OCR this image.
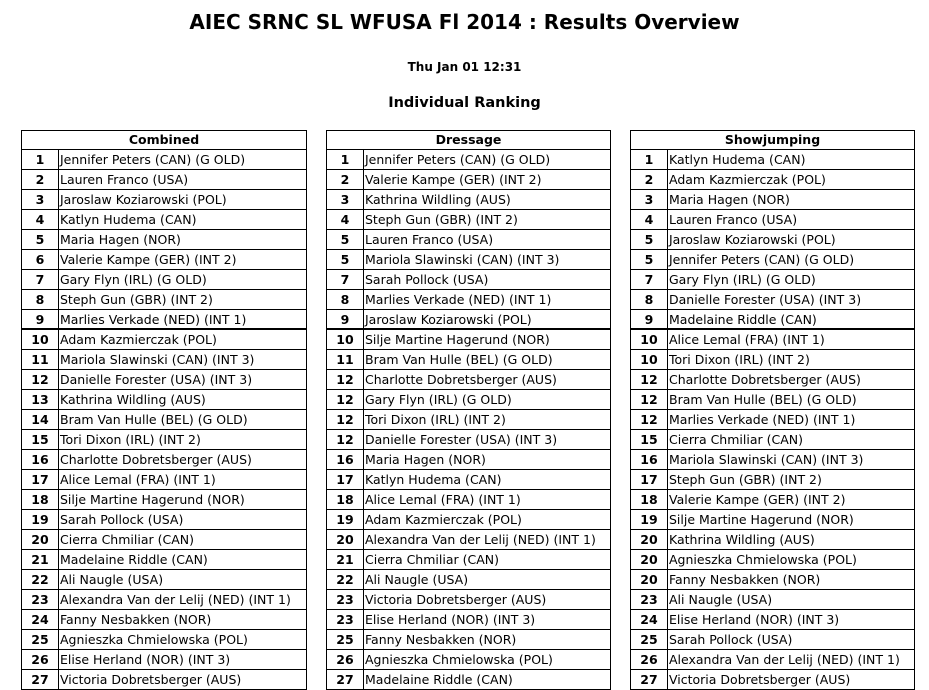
AIEC SRNC SL WFUSA Fl 2014 : Results Overview
Thu Jan 01 12:31
Individual Ranking
Combined
1	Jennifer Peters (CAN) (G OLD)
2	Lauren Franco (USA)
3	Jaroslaw Koziarowski (POL)
4	Katlyn Hudema (CAN)
5	Maria Hagen (NOR)
6	Valerie Kampe (GER) (INT 2)
7	Gary Flyn (IRL) (G OLD)
8	Steph Gun (GBR) (INT 2)
9	Marlies Verkade (NED) (INT 1)
10 Adam Kazmierczak (POL)
11 Mariola Slawinski (CAN) (INT 3)
12 Danielle Forester (USA) (INT 3)
13 Kathrina Wildling (AUS)
14 Bram Van Hulle (BEL) (G OLD)
15 Tori Dixon (IRL) (INT 2)
16 Charlotte Dobretsberger (AUS)
17 Alice Lemal (FRA) (INT 1)
18 Silje Martine Hagerund (NOR)
19 Sarah Pollock (USA)
20 Cierra Chmiliar (CAN)
21 Madelaine Riddle (CAN)
22 Ali Naugle (USA)
23 Alexandra Van der Lelij (NED) (INT 1)
24 Fanny Nesbakken (NOR)
25 Agnieszka Chmielowska (POL)
26 Elise Herland (NOR) (INT 3)
27 Victoria Dobretsberger (AUS)
Dressage
1	Jennifer Peters (CAN) (G OLD)
2	Valerie Kampe (GER) (INT 2)
3	Kathrina Wildling (AUS)
4	Steph Gun (GBR) (INT 2)
5	Lauren Franco (USA)
5	Mariola Slawinski (CAN) (INT 3)
7	Sarah Pollock (USA)
8	Marlies Verkade (NED) (INT 1)
9	Jaroslaw Koziarowski (POL)
10 Silje Martine Hagerund (NOR)
11 Bram Van Hulle (BEL) (G OLD)
12 Charlotte Dobretsberger (AUS)
12 Gary Flyn (IRL) (G OLD)
12 Tori Dixon (IRL) (INT 2)
12 Danielle Forester (USA) (INT 3)
16 Maria Hagen (NOR)
17 Katlyn Hudema (CAN)
18 Alice Lemal (FRA) (INT 1)
19 Adam Kazmierczak (POL)
20 Alexandra Van der Lelij (NED) (INT 1)
21 Cierra Chmiliar (CAN)
22 Ali Naugle (USA)
23 Victoria Dobretsberger (AUS)
23 Elise Herland (NOR) (INT 3)
25 Fanny Nesbakken (NOR)
26 Agnieszka Chmielowska (POL)
27 Madelaine Riddle (CAN)
Showjumping
1	Katlyn Hudema (CAN)
2	Adam Kazmierczak (POL)
3	Maria Hagen (NOR)
4	Lauren Franco (USA)
5	Jaroslaw Koziarowski (POL)
5	Jennifer Peters (CAN) (G OLD)
7	Gary Flyn (IRL) (G OLD)
8	Danielle Forester (USA) (INT 3)
9	Madelaine Riddle (CAN)
10 Alice Lemal (FRA) (INT 1)
10 Tori Dixon (IRL) (INT 2)
12 Charlotte Dobretsberger (AUS)
12 Bram Van Hulle (BEL) (G OLD)
12 Marlies Verkade (NED) (INT 1)
15 Cierra Chmiliar (CAN)
16 Mariola Slawinski (CAN) (INT 3)
17 Steph Gun (GBR) (INT 2)
18 Valerie Kampe (GER) (INT 2)
19 Silje Martine Hagerund (NOR)
20 Kathrina Wildling (AUS)
20 Agnieszka Chmielowska (POL)
20 Fanny Nesbakken (NOR)
23 Ali Naugle (USA)
24 Elise Herland (NOR) (INT 3)
25 Sarah Pollock (USA)
26 Alexandra Van der Lelij (NED) (INT 1)
27 Victoria Dobretsberger (AUS)
